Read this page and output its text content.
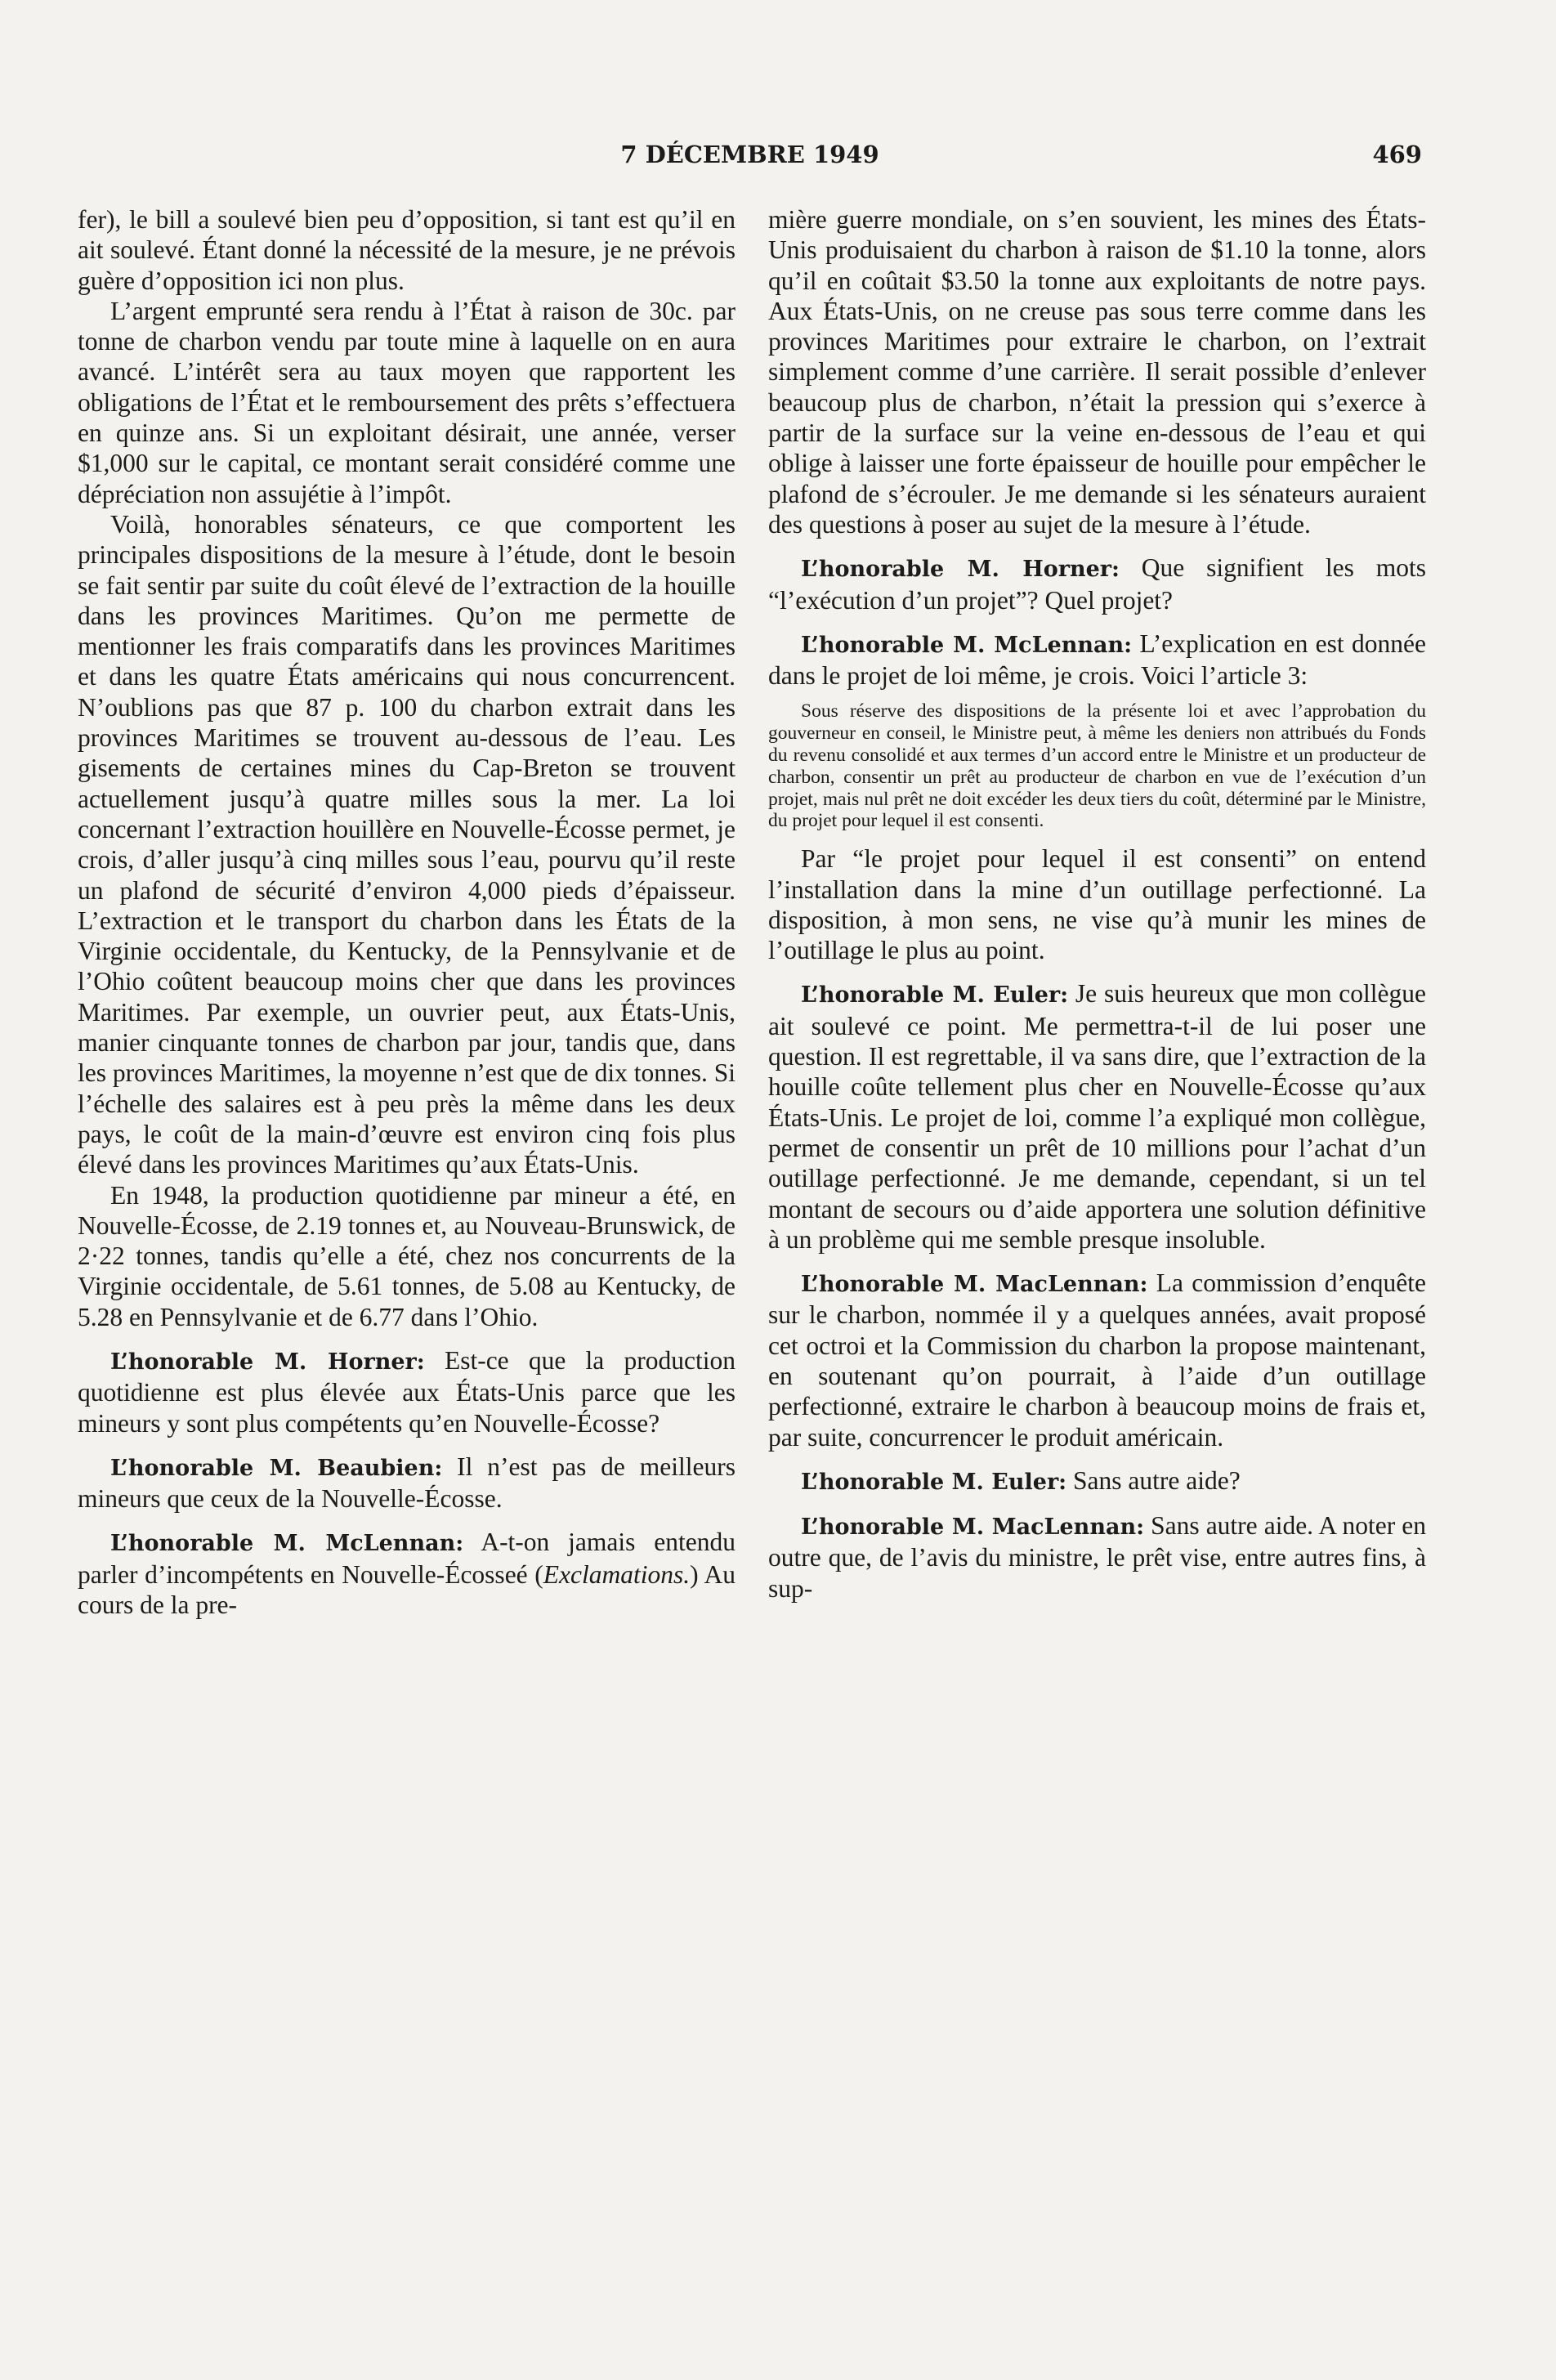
7 DÉCEMBRE 1949	469

fer), le bill a soulevé bien peu d’opposition, si tant est qu’il en ait soulevé. Étant donné la nécessité de la mesure, je ne prévois guère d’opposition ici non plus.

L’argent emprunté sera rendu à l’État à raison de 30c. par tonne de charbon vendu par toute mine à laquelle on en aura avancé. L’intérêt sera au taux moyen que rapportent les obligations de l’État et le remboursement des prêts s’effectuera en quinze ans. Si un exploitant désirait, une année, verser $1,000 sur le capital, ce montant serait considéré comme une dépréciation non assujétie à l’impôt.

Voilà, honorables sénateurs, ce que comportent les principales dispositions de la mesure à l’étude, dont le besoin se fait sentir par suite du coût élevé de l’extraction de la houille dans les provinces Maritimes. Qu’on me permette de mentionner les frais comparatifs dans les provinces Maritimes et dans les quatre États américains qui nous concurrencent. N’oublions pas que 87 p. 100 du charbon extrait dans les provinces Maritimes se trouvent au-dessous de l’eau. Les gisements de certaines mines du Cap-Breton se trouvent actuellement jusqu’à quatre milles sous la mer. La loi concernant l’extraction houillère en Nouvelle-Écosse permet, je crois, d’aller jusqu’à cinq milles sous l’eau, pourvu qu’il reste un plafond de sécurité d’environ 4,000 pieds d’épaisseur. L’extraction et le transport du charbon dans les États de la Virginie occidentale, du Kentucky, de la Pennsylvanie et de l’Ohio coûtent beaucoup moins cher que dans les provinces Maritimes. Par exemple, un ouvrier peut, aux États-Unis, manier cinquante tonnes de charbon par jour, tandis que, dans les provinces Maritimes, la moyenne n’est que de dix tonnes. Si l’échelle des salaires est à peu près la même dans les deux pays, le coût de la main-d’œuvre est environ cinq fois plus élevé dans les provinces Maritimes qu’aux États-Unis.

En 1948, la production quotidienne par mineur a été, en Nouvelle-Écosse, de 2.19 tonnes et, au Nouveau-Brunswick, de 2·22 tonnes, tandis qu’elle a été, chez nos concurrents de la Virginie occidentale, de 5.61 tonnes, de 5.08 au Kentucky, de 5.28 en Pennsylvanie et de 6.77 dans l’Ohio.

L’honorable M. Horner: Est-ce que la production quotidienne est plus élevée aux États-Unis parce que les mineurs y sont plus compétents qu’en Nouvelle-Écosse?

L’honorable M. Beaubien: Il n’est pas de meilleurs mineurs que ceux de la Nouvelle-Écosse.

L’honorable M. McLennan: A-t-on jamais entendu parler d’incompétents en Nouvelle-Écosseé (Exclamations.) Au cours de la pre-

mière guerre mondiale, on s’en souvient, les mines des États-Unis produisaient du charbon à raison de $1.10 la tonne, alors qu’il en coûtait $3.50 la tonne aux exploitants de notre pays. Aux États-Unis, on ne creuse pas sous terre comme dans les provinces Maritimes pour extraire le charbon, on l’extrait simplement comme d’une carrière. Il serait possible d’enlever beaucoup plus de charbon, n’était la pression qui s’exerce à partir de la surface sur la veine en-dessous de l’eau et qui oblige à laisser une forte épaisseur de houille pour empêcher le plafond de s’écrouler. Je me demande si les sénateurs auraient des questions à poser au sujet de la mesure à l’étude.

L’honorable M. Horner: Que signifient les mots “l’exécution d’un projet”? Quel projet?

L’honorable M. McLennan: L’explication en est donnée dans le projet de loi même, je crois. Voici l’article 3:

Sous réserve des dispositions de la présente loi et avec l’approbation du gouverneur en conseil, le Ministre peut, à même les deniers non attribués du Fonds du revenu consolidé et aux termes d’un accord entre le Ministre et un producteur de charbon, consentir un prêt au producteur de charbon en vue de l’exécution d’un projet, mais nul prêt ne doit excéder les deux tiers du coût, déterminé par le Ministre, du projet pour lequel il est consenti.

Par “le projet pour lequel il est consenti” on entend l’installation dans la mine d’un outillage perfectionné. La disposition, à mon sens, ne vise qu’à munir les mines de l’outillage le plus au point.

L’honorable M. Euler: Je suis heureux que mon collègue ait soulevé ce point. Me permettra-t-il de lui poser une question. Il est regrettable, il va sans dire, que l’extraction de la houille coûte tellement plus cher en Nouvelle-Écosse qu’aux États-Unis. Le projet de loi, comme l’a expliqué mon collègue, permet de consentir un prêt de 10 millions pour l’achat d’un outillage perfectionné. Je me demande, cependant, si un tel montant de secours ou d’aide apportera une solution définitive à un problème qui me semble presque insoluble.

L’honorable M. MacLennan: La commission d’enquête sur le charbon, nommée il y a quelques années, avait proposé cet octroi et la Commission du charbon la propose maintenant, en soutenant qu’on pourrait, à l’aide d’un outillage perfectionné, extraire le charbon à beaucoup moins de frais et, par suite, concurrencer le produit américain.

L’honorable M. Euler: Sans autre aide?

L’honorable M. MacLennan: Sans autre aide. A noter en outre que, de l’avis du ministre, le prêt vise, entre autres fins, à sup-
